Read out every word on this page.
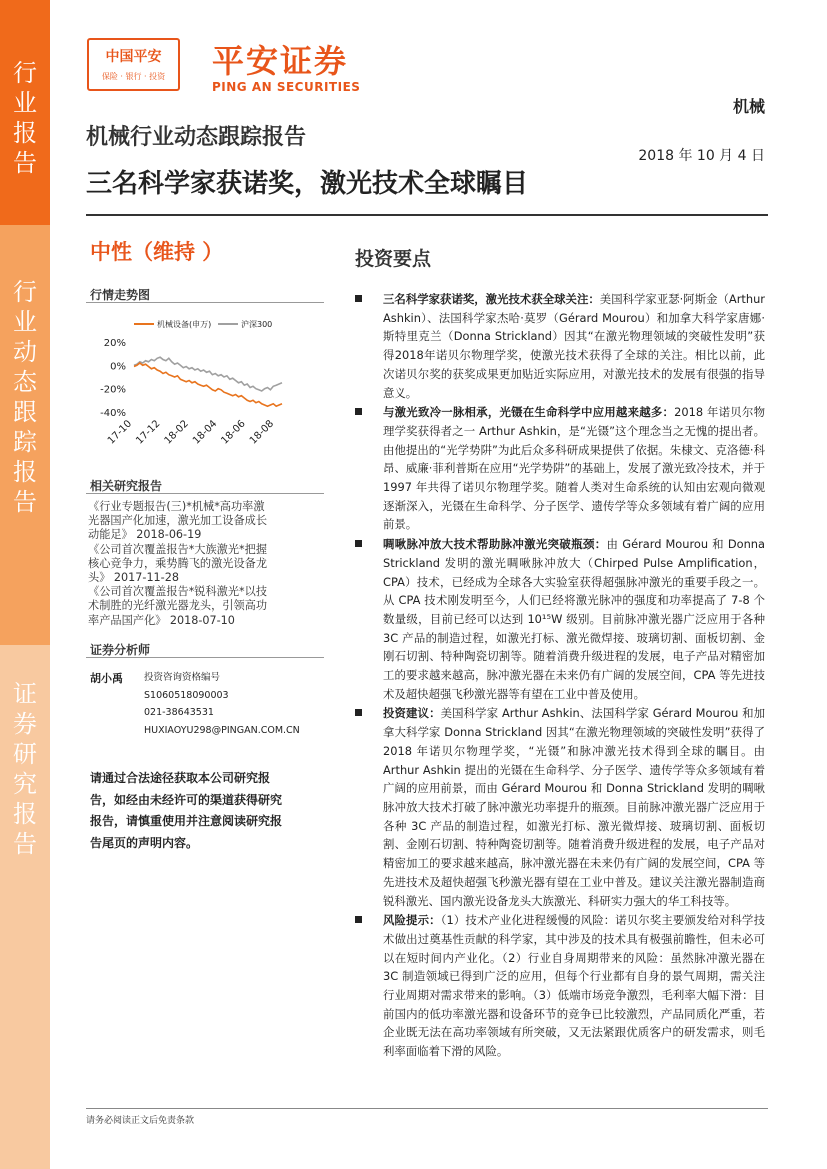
行
业
报
告
行
业
动
态
跟
踪
报
告
证
券
研
究
报
告
中国平安
保险 · 银行 · 投资	平安证券
PING AN SECURITIES
机械
机械行业动态跟踪报告
2018 年 10 月 4 日
三名科学家获诺奖，激光技术全球瞩目
中性（维持 ）
行情走势图
机械设备(申万)	沪深300
20%
0%
-20%
-40%
17-10 17-12 18-02 18-04 18-06 18-08
相关研究报告
《行业专题报告(三)*机械*高功率激
光器国产化加速，激光加工设备成长
动能足》 2018-06-19
《公司首次覆盖报告*大族激光*把握
核心竞争力，乘势腾飞的激光设备龙
头》 2017-11-28
《公司首次覆盖报告*锐科激光*以技
术制胜的光纤激光器龙头，引领高功
率产品国产化》 2018-07-10
证券分析师
胡小禹 投资咨询资格编号
S1060518090003
021-38643531
HUXIAOYU298@PINGAN.COM.CN
请通过合法途径获取本公司研究报告，如经由未经许可的渠道获得研究报告，请慎重使用并注意阅读研究报告尾页的声明内容。
投资要点
三名科学家获诺奖，激光技术获全球关注：美国科学家亚瑟·阿斯金（Arthur Ashkin）、法国科学家杰哈·莫罗（Gérard Mourou）和加拿大科学家唐娜·斯特里克兰（Donna Strickland）因其“在激光物理领域的突破性发明”获得2018年诺贝尔物理学奖，使激光技术获得了全球的关注。相比以前，此次诺贝尔奖的获奖成果更加贴近实际应用，对激光技术的发展有很强的指导意义。
与激光致冷一脉相承，光镊在生命科学中应用越来越多：2018 年诺贝尔物理学奖获得者之一 Arthur Ashkin，是“光镊”这个理念当之无愧的提出者。由他提出的“光学势阱”为此后众多科研成果提供了依据。朱棣文、克洛德·科昂、威廉·菲利普斯在应用“光学势阱”的基础上，发展了激光致冷技术，并于 1997 年共得了诺贝尔物理学奖。随着人类对生命系统的认知由宏观向微观逐渐深入，光镊在生命科学、分子医学、遗传学等众多领域有着广阔的应用前景。
啁啾脉冲放大技术帮助脉冲激光突破瓶颈：由 Gérard Mourou 和 Donna Strickland 发明的激光啁啾脉冲放大（Chirped Pulse Amplification，CPA）技术，已经成为全球各大实验室获得超强脉冲激光的重要手段之一。从 CPA 技术刚发明至今，人们已经将激光脉冲的强度和功率提高了 7-8 个数量级，目前已经可以达到 10¹⁵W 级别。目前脉冲激光器广泛应用于各种 3C 产品的制造过程，如激光打标、激光微焊接、玻璃切割、面板切割、金刚石切割、特种陶瓷切割等。随着消费升级进程的发展，电子产品对精密加工的要求越来越高，脉冲激光器在未来仍有广阔的发展空间，CPA 等先进技术及超快超强飞秒激光器等有望在工业中普及使用。
投资建议：美国科学家 Arthur Ashkin、法国科学家 Gérard Mourou 和加拿大科学家 Donna Strickland 因其“在激光物理领域的突破性发明”获得了 2018 年诺贝尔物理学奖，“光镊”和脉冲激光技术得到全球的瞩目。由 Arthur Ashkin 提出的光镊在生命科学、分子医学、遗传学等众多领域有着广阔的应用前景，而由 Gérard Mourou 和 Donna Strickland 发明的啁啾脉冲放大技术打破了脉冲激光功率提升的瓶颈。目前脉冲激光器广泛应用于各种 3C 产品的制造过程，如激光打标、激光微焊接、玻璃切割、面板切割、金刚石切割、特种陶瓷切割等。随着消费升级进程的发展，电子产品对精密加工的要求越来越高，脉冲激光器在未来仍有广阔的发展空间，CPA 等先进技术及超快超强飞秒激光器有望在工业中普及。建议关注激光器制造商锐科激光、国内激光设备龙头大族激光、科研实力强大的华工科技等。
风险提示：（1）技术产业化进程缓慢的风险：诺贝尔奖主要颁发给对科学技术做出过奠基性贡献的科学家，其中涉及的技术具有极强前瞻性，但未必可以在短时间内产业化。（2）行业自身周期带来的风险：虽然脉冲激光器在 3C 制造领域已得到广泛的应用，但每个行业都有自身的景气周期，需关注行业周期对需求带来的影响。（3）低端市场竞争激烈，毛利率大幅下滑：目前国内的低功率激光器和设备环节的竞争已比较激烈，产品同质化严重，若企业既无法在高功率领域有所突破，又无法紧跟优质客户的研发需求，则毛利率面临着下滑的风险。
请务必阅读正文后免责条款
